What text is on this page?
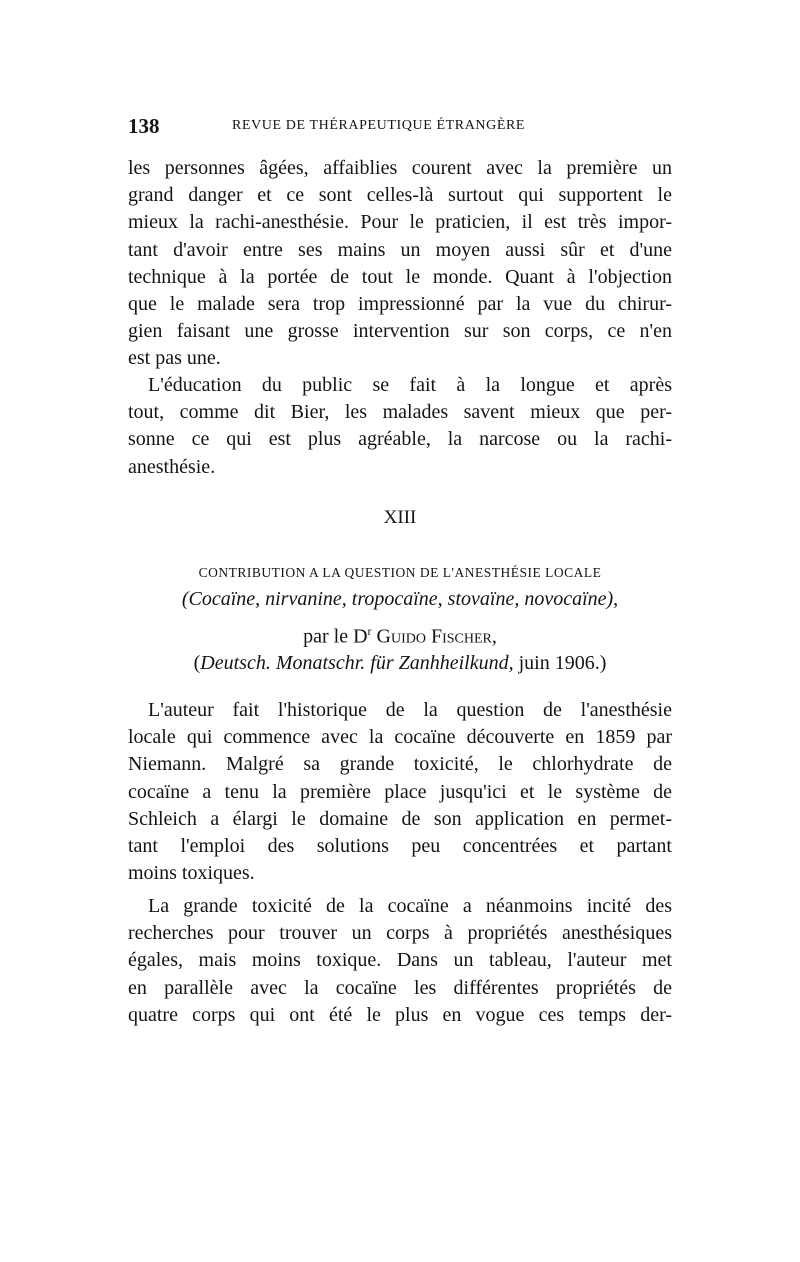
138	REVUE DE THÉRAPEUTIQUE ÉTRANGÈRE
les personnes âgées, affaiblies courent avec la première un
grand danger et ce sont celles-là surtout qui supportent le
mieux la rachi-anesthésie. Pour le praticien, il est très impor-
tant d'avoir entre ses mains un moyen aussi sûr et d'une
technique à la portée de tout le monde. Quant à l'objection
que le malade sera trop impressionné par la vue du chirur-
gien faisant une grosse intervention sur son corps, ce n'en
est pas une.
L'éducation du public se fait à la longue et après
tout, comme dit Bier, les malades savent mieux que per-
sonne ce qui est plus agréable, la narcose ou la rachi-
anesthésie.
XIII
CONTRIBUTION A LA QUESTION DE L'ANESTHÉSIE LOCALE
(Cocaïne, nirvanine, tropocaïne, stovaïne, novocaïne),
par le $D^r$ Guido Fischer,
(Deutsch. Monatschr. für Zanhheilkund, juin 1906.)
L'auteur fait l'historique de la question de l'anesthésie
locale qui commence avec la cocaïne découverte en 1859 par
Niemann. Malgré sa grande toxicité, le chlorhydrate de
cocaïne a tenu la première place jusqu'ici et le système de
Schleich a élargi le domaine de son application en permet-
tant l'emploi des solutions peu concentrées et partant
moins toxiques.
La grande toxicité de la cocaïne a néanmoins incité des
recherches pour trouver un corps à propriétés anesthésiques
égales, mais moins toxique. Dans un tableau, l'auteur met
en parallèle avec la cocaïne les différentes propriétés de
quatre corps qui ont été le plus en vogue ces temps der-
